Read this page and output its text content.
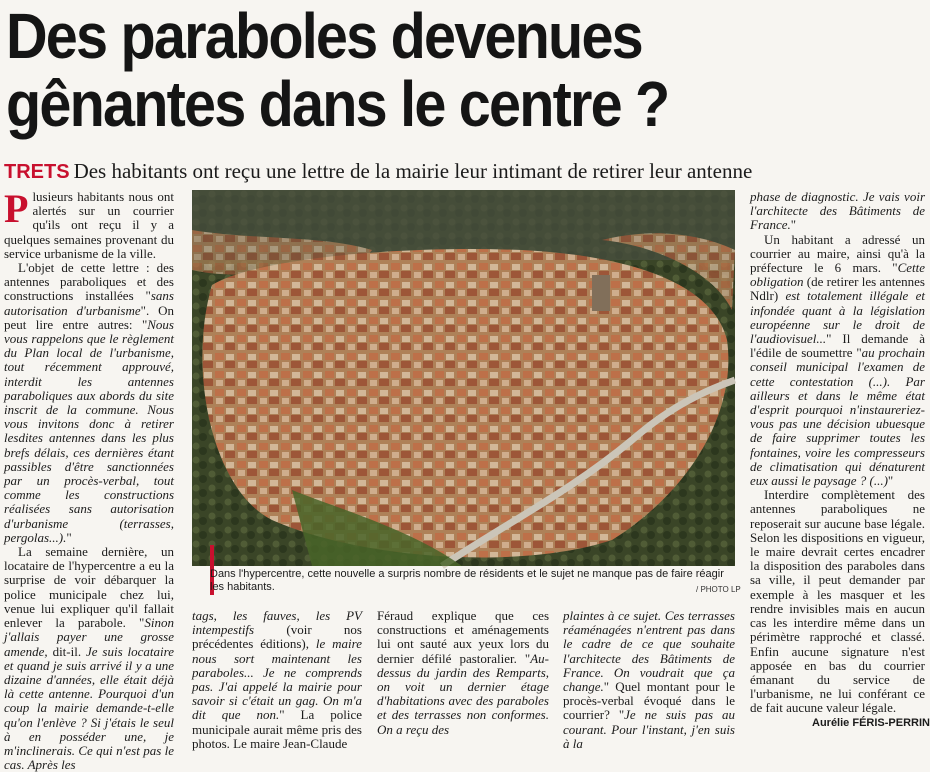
Des paraboles devenues
gênantes dans le centre ?
TRETS Des habitants ont reçu une lettre de la mairie leur intimant de retirer leur antenne

Plusieurs habitants nous ont alertés sur un courrier qu'ils ont reçu il y a quelques semaines provenant du service urbanisme de la ville.

L'objet de cette lettre : des antennes paraboliques et des constructions installées "sans autorisation d'urbanisme". On peut lire entre autres: "Nous vous rappelons que le règlement du Plan local de l'urbanisme, tout récemment approuvé, interdit les antennes paraboliques aux abords du site inscrit de la commune. Nous vous invitons donc à retirer lesdites antennes dans les plus brefs délais, ces dernières étant passibles d'être sanctionnées par un procès-verbal, tout comme les constructions réalisées sans autorisation d'urbanisme (terrasses, pergolas...)."

La semaine dernière, un locataire de l'hypercentre a eu la surprise de voir débarquer la police municipale chez lui, venue lui expliquer qu'il fallait enlever la parabole. "Sinon j'allais payer une grosse amende, dit-il. Je suis locataire et quand je suis arrivé il y a une dizaine d'années, elle était déjà là cette antenne. Pourquoi d'un coup la mairie demande-t-elle qu'on l'enlève ? Si j'étais le seul à en posséder une, je m'inclinerais. Ce qui n'est pas le cas. Après les

Dans l'hypercentre, cette nouvelle a surpris nombre de résidents et le sujet ne manque pas de faire réagir les habitants.	/ PHOTO LP

tags, les fauves, les PV intempestifs (voir nos précédentes éditions), le maire nous sort maintenant les paraboles... Je ne comprends pas. J'ai appelé la mairie pour savoir si c'était un gag. On m'a dit que non." La police municipale aurait même pris des photos. Le maire Jean-Claude

Féraud explique que ces constructions et aménagements lui ont sauté aux yeux lors du dernier défilé pastoralier. "Au-dessus du jardin des Remparts, on voit un dernier étage d'habitations avec des paraboles et des terrasses non conformes. On a reçu des

plaintes à ce sujet. Ces terrasses réaménagées n'entrent pas dans le cadre de ce que souhaite l'architecte des Bâtiments de France. On voudrait que ça change." Quel montant pour le procès-verbal évoqué dans le courrier? "Je ne suis pas au courant. Pour l'instant, j'en suis à la

phase de diagnostic. Je vais voir l'architecte des Bâtiments de France."

Un habitant a adressé un courrier au maire, ainsi qu'à la préfecture le 6 mars. "Cette obligation (de retirer les antennes Ndlr) est totalement illégale et infondée quant à la législation européenne sur le droit de l'audiovisuel..." Il demande à l'édile de soumettre "au prochain conseil municipal l'examen de cette contestation (...). Par ailleurs et dans le même état d'esprit pourquoi n'instaureriez-vous pas une décision ubuesque de faire supprimer toutes les fontaines, voire les compresseurs de climatisation qui dénaturent eux aussi le paysage ? (...)"

Interdire complètement des antennes paraboliques ne reposerait sur aucune base légale. Selon les dispositions en vigueur, le maire devrait certes encadrer la disposition des paraboles dans sa ville, il peut demander par exemple à les masquer et les rendre invisibles mais en aucun cas les interdire même dans un périmètre rapproché et classé. Enfin aucune signature n'est apposée en bas du courrier émanant du service de l'urbanisme, ne lui conférant ce de fait aucune valeur légale.

Aurélie FÉRIS-PERRIN
